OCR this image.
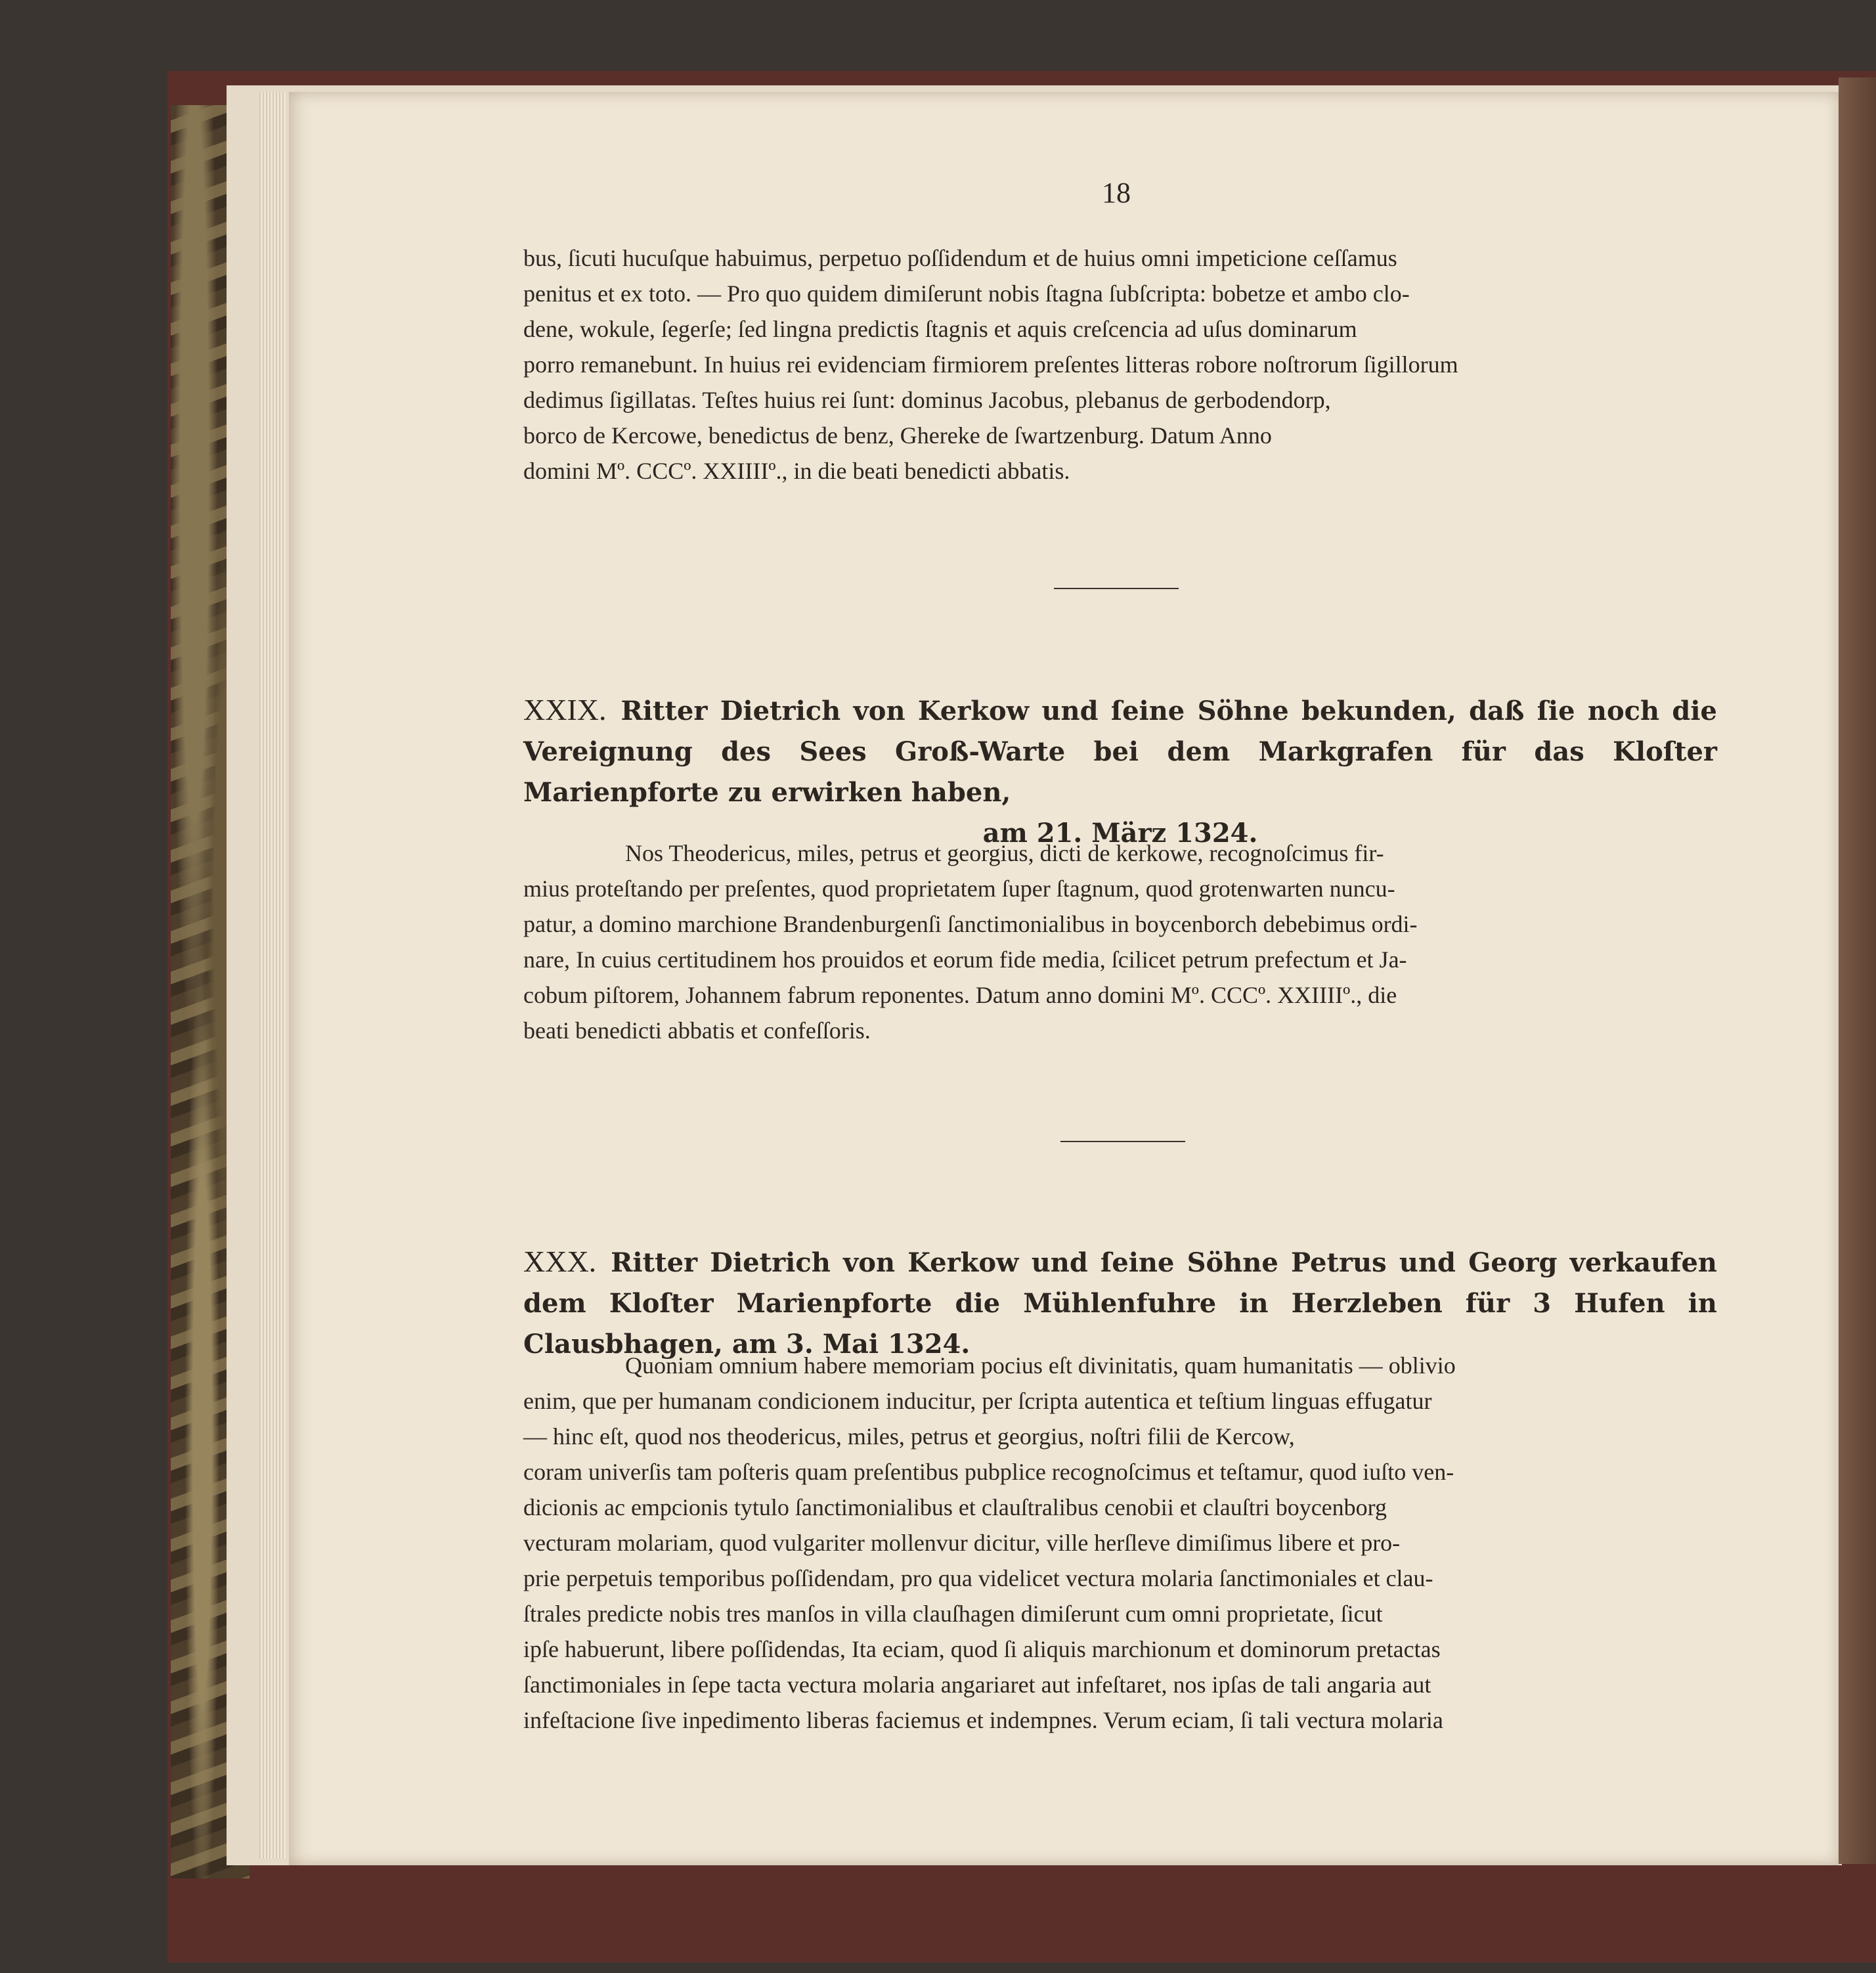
18

bus, ſicuti hucuſque habuimus, perpetuo poſſidendum et de huius omni impeticione ceſſamus

penitus et ex toto. — Pro quo quidem dimiſerunt nobis ſtagna ſubſcripta: bobetze et ambo clo-

dene, wokule, ſegerſe; ſed lingna predictis ſtagnis et aquis creſcencia ad uſus dominarum

porro remanebunt. In huius rei evidenciam firmiorem preſentes litteras robore noſtrorum ſigillorum

dedimus ſigillatas. Teſtes huius rei ſunt: dominus Jacobus, plebanus de gerbodendorp,

borco de Kercowe, benedictus de benz, Ghereke de ſwartzenburg. Datum Anno

domini Mº. CCCº. XXIIIIº., in die beati benedicti abbatis.

XXIX. Ritter Dietrich von Kerkow und ſeine Söhne bekunden, daß ſie noch die Vereignung des Sees Groß-Warte bei dem Markgrafen für das Kloſter Marienpforte zu erwirken haben,

am 21. März 1324.

Nos Theodericus, miles, petrus et georgius, dicti de kerkowe, recognoſcimus fir-

mius proteſtando per preſentes, quod proprietatem ſuper ſtagnum, quod grotenwarten nuncu-

patur, a domino marchione Brandenburgenſi ſanctimonialibus in boycenborch debebimus ordi-

nare, In cuius certitudinem hos prouidos et eorum fide media, ſcilicet petrum prefectum et Ja-

cobum piſtorem, Johannem fabrum reponentes. Datum anno domini Mº. CCCº. XXIIIIº., die

beati benedicti abbatis et confeſſoris.

XXX. Ritter Dietrich von Kerkow und ſeine Söhne Petrus und Georg verkaufen dem Kloſter Marienpforte die Mühlenfuhre in Herzleben für 3 Hufen in Clausbhagen, am 3. Mai 1324.

Quoniam omnium habere memoriam pocius eſt divinitatis, quam humanitatis — oblivio

enim, que per humanam condicionem inducitur, per ſcripta autentica et teſtium linguas effugatur

— hinc eſt, quod nos theodericus, miles, petrus et georgius, noſtri filii de Kercow,

coram univerſis tam poſteris quam preſentibus pubplice recognoſcimus et teſtamur, quod iuſto ven-

dicionis ac empcionis tytulo ſanctimonialibus et clauſtralibus cenobii et clauſtri boycenborg

vecturam molariam, quod vulgariter mollenvur dicitur, ville herſleve dimiſimus libere et pro-

prie perpetuis temporibus poſſidendam, pro qua videlicet vectura molaria ſanctimoniales et clau-

ſtrales predicte nobis tres manſos in villa clauſhagen dimiſerunt cum omni proprietate, ſicut

ipſe habuerunt, libere poſſidendas, Ita eciam, quod ſi aliquis marchionum et dominorum pretactas

ſanctimoniales in ſepe tacta vectura molaria angariaret aut infeſtaret, nos ipſas de tali angaria aut

infeſtacione ſive inpedimento liberas faciemus et indempnes. Verum eciam, ſi tali vectura molaria
